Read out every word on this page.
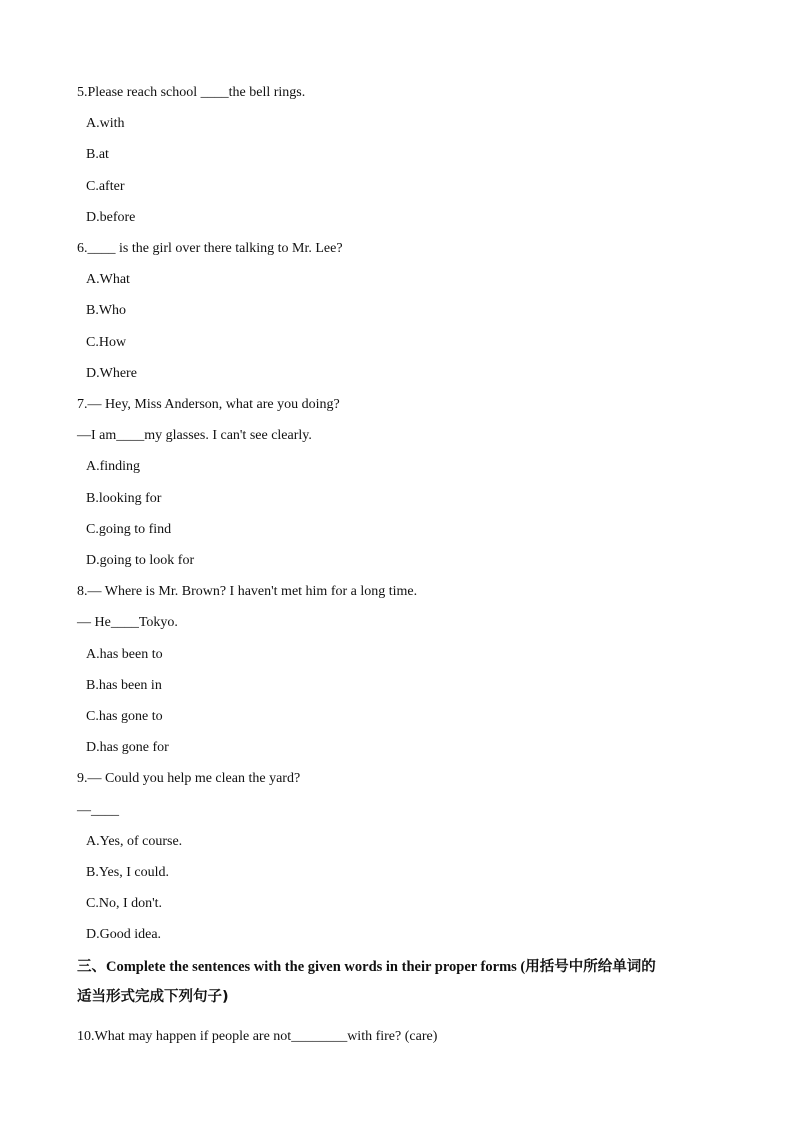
5.Please reach school ____the bell rings.
A.with
B.at
C.after
D.before
6.____ is the girl over there talking to Mr. Lee?
A.What
B.Who
C.How
D.Where
7.— Hey, Miss Anderson, what are you doing?
—I am____my glasses. I can't see clearly.
A.finding
B.looking for
C.going to find
D.going to look for
8.— Where is Mr. Brown? I haven't met him for a long time.
— He____Tokyo.
A.has been to
B.has been in
C.has gone to
D.has gone for
9.— Could you help me clean the yard?
—____
A.Yes, of course.
B.Yes, I could.
C.No, I don't.
D.Good idea.
三、Complete the sentences with the given words in their proper forms (用括号中所给单词的
适当形式完成下列句子)
10.What may happen if people are not________with fire? (care)
